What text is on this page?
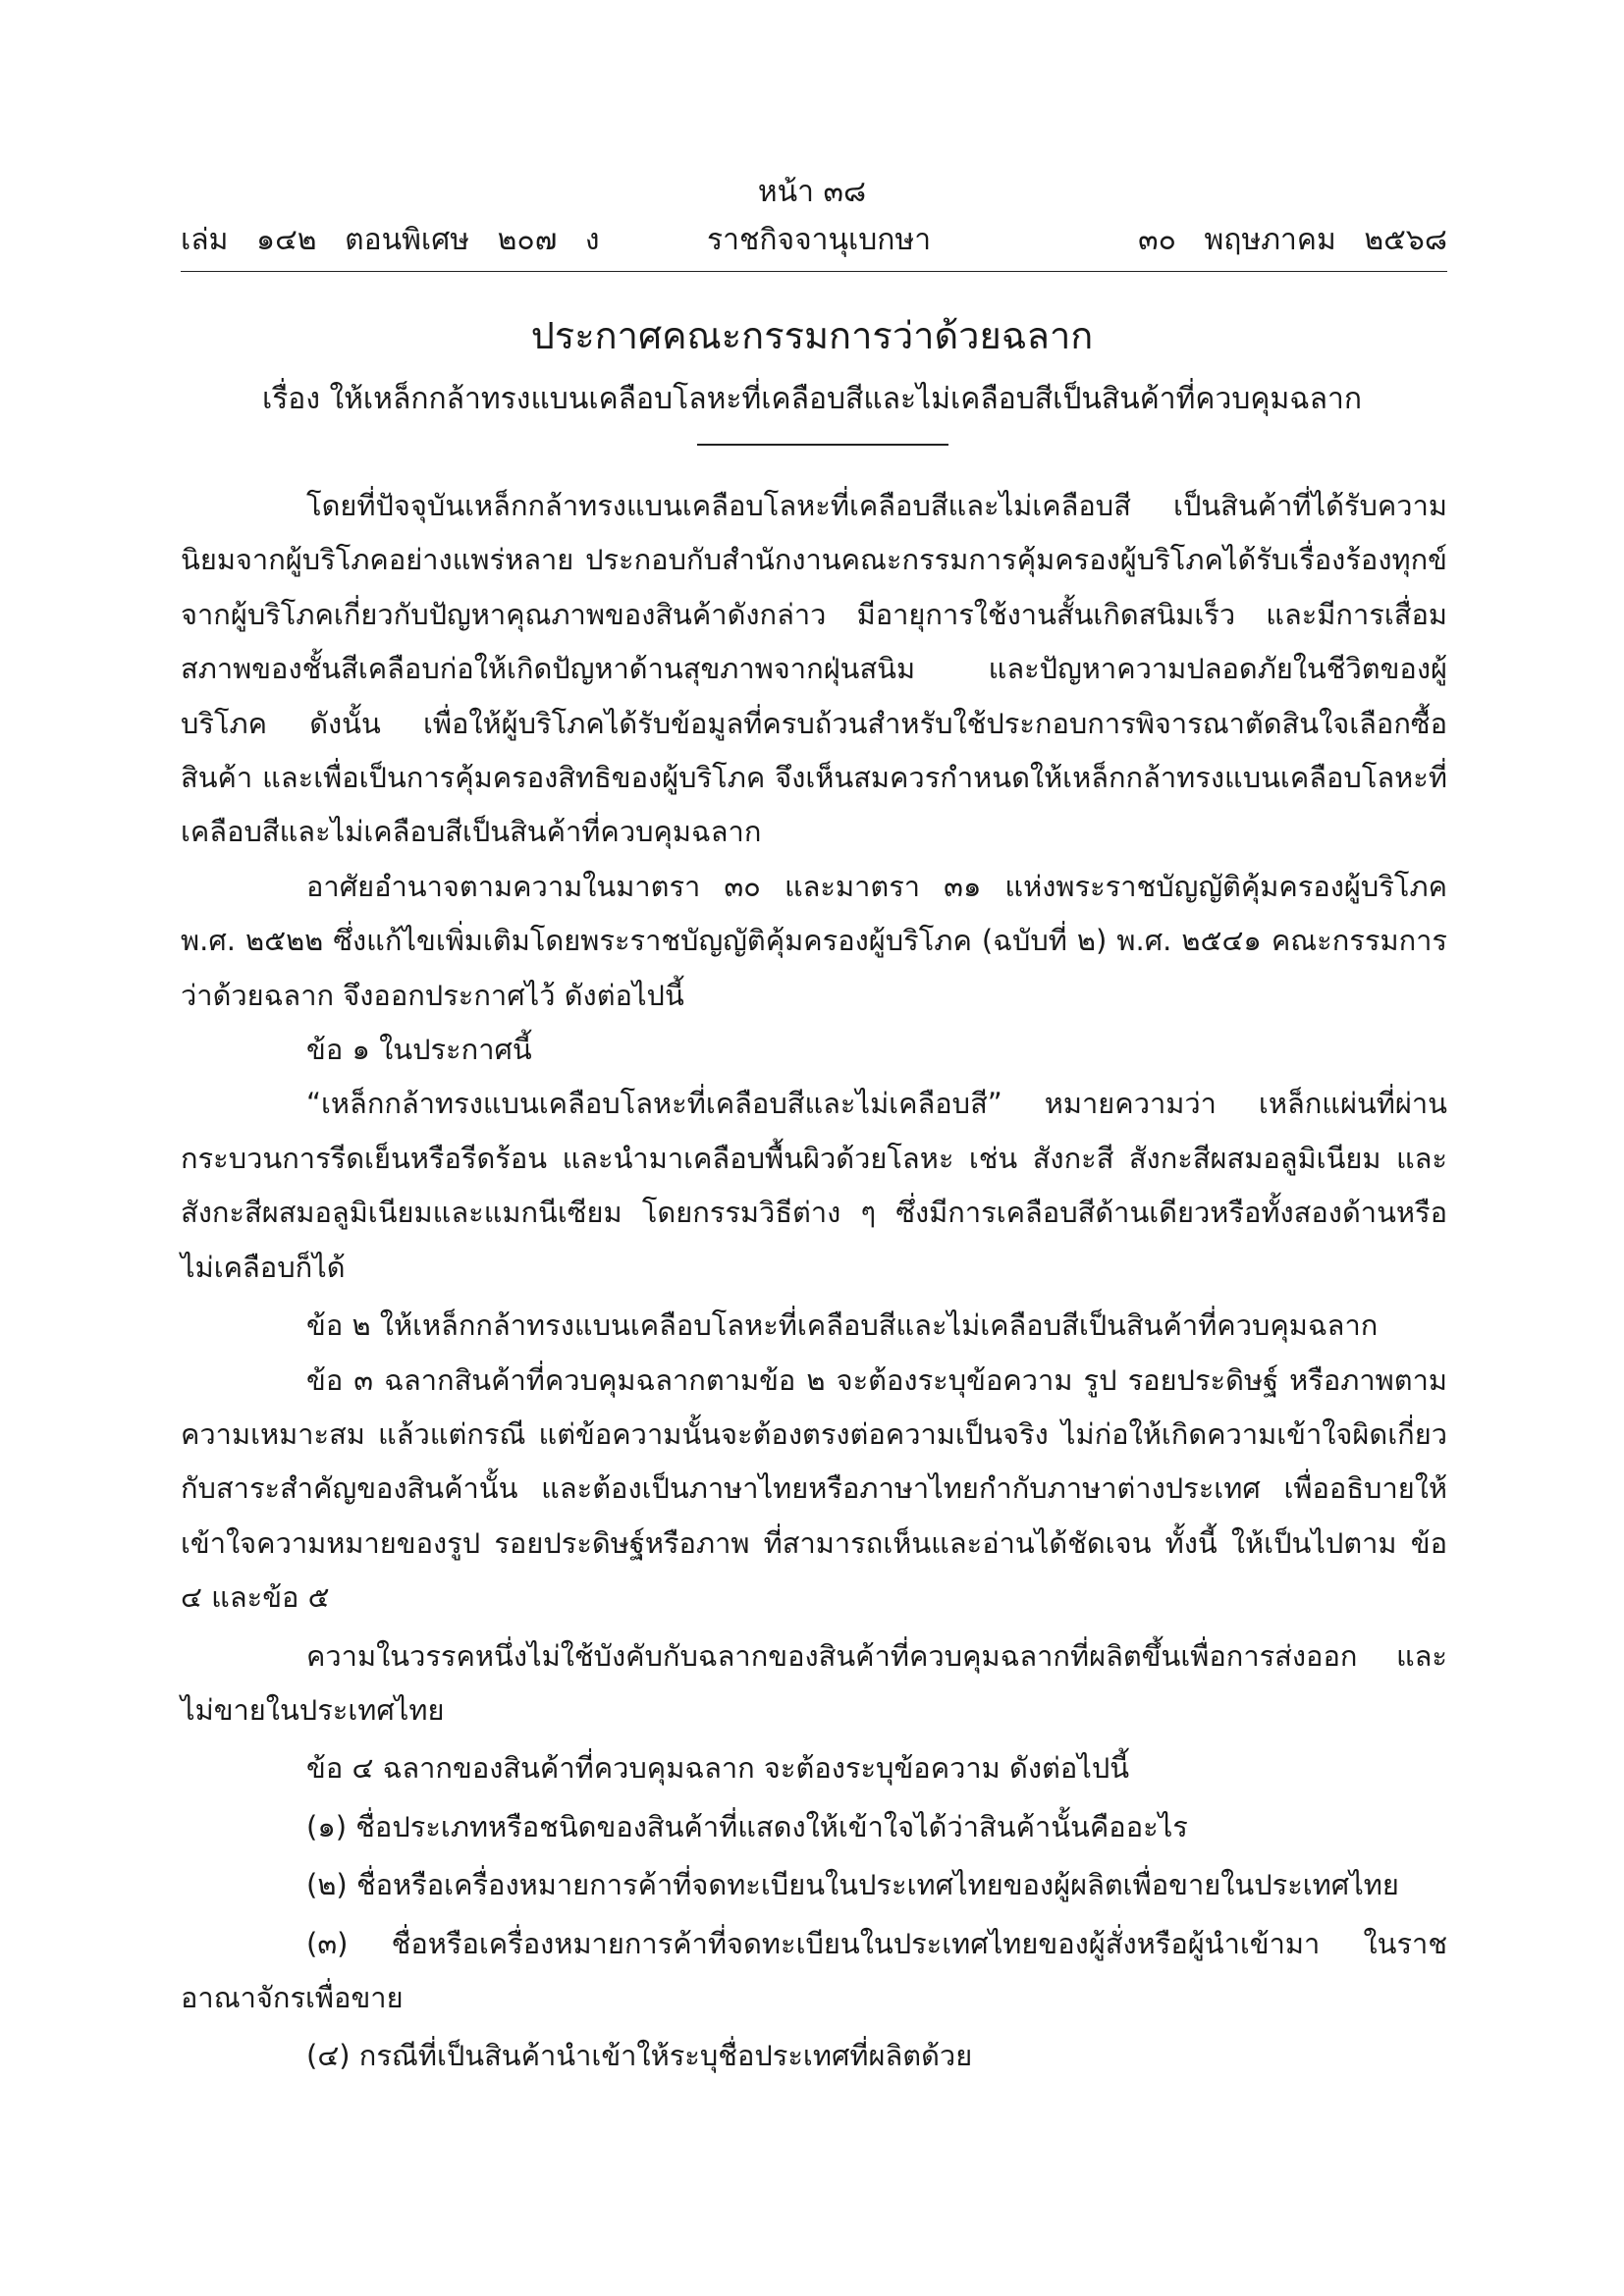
หน้า ๓๘
เล่ม   ๑๔๒   ตอนพิเศษ   ๒๐๗   ง	ราชกิจจานุเบกษา	๓๐   พฤษภาคม   ๒๕๖๘
ประกาศคณะกรรมการว่าด้วยฉลาก
เรื่อง ให้เหล็กกล้าทรงแบนเคลือบโลหะที่เคลือบสีและไม่เคลือบสีเป็นสินค้าที่ควบคุมฉลาก

โดยที่ปัจจุบันเหล็กกล้าทรงแบนเคลือบโลหะที่เคลือบสีและไม่เคลือบสี เป็นสินค้าที่ได้รับความนิยมจากผู้บริโภคอย่างแพร่หลาย ประกอบกับสำนักงานคณะกรรมการคุ้มครองผู้บริโภคได้รับเรื่องร้องทุกข์จากผู้บริโภคเกี่ยวกับปัญหาคุณภาพของสินค้าดังกล่าว มีอายุการใช้งานสั้นเกิดสนิมเร็ว และมีการเสื่อมสภาพของชั้นสีเคลือบก่อให้เกิดปัญหาด้านสุขภาพจากฝุ่นสนิม และปัญหาความปลอดภัยในชีวิตของผู้บริโภค ดังนั้น เพื่อให้ผู้บริโภคได้รับข้อมูลที่ครบถ้วนสำหรับใช้ประกอบการพิจารณาตัดสินใจเลือกซื้อสินค้า และเพื่อเป็นการคุ้มครองสิทธิของผู้บริโภค จึงเห็นสมควรกำหนดให้เหล็กกล้าทรงแบนเคลือบโลหะที่เคลือบสีและไม่เคลือบสีเป็นสินค้าที่ควบคุมฉลาก

อาศัยอำนาจตามความในมาตรา ๓๐ และมาตรา ๓๑ แห่งพระราชบัญญัติคุ้มครองผู้บริโภค พ.ศ. ๒๕๒๒ ซึ่งแก้ไขเพิ่มเติมโดยพระราชบัญญัติคุ้มครองผู้บริโภค (ฉบับที่ ๒) พ.ศ. ๒๕๔๑ คณะกรรมการว่าด้วยฉลาก จึงออกประกาศไว้ ดังต่อไปนี้

ข้อ ๑ ในประกาศนี้

“เหล็กกล้าทรงแบนเคลือบโลหะที่เคลือบสีและไม่เคลือบสี” หมายความว่า เหล็กแผ่นที่ผ่านกระบวนการรีดเย็นหรือรีดร้อน และนำมาเคลือบพื้นผิวด้วยโลหะ เช่น สังกะสี สังกะสีผสมอลูมิเนียม และสังกะสีผสมอลูมิเนียมและแมกนีเซียม โดยกรรมวิธีต่าง ๆ ซึ่งมีการเคลือบสีด้านเดียวหรือทั้งสองด้านหรือไม่เคลือบก็ได้

ข้อ ๒ ให้เหล็กกล้าทรงแบนเคลือบโลหะที่เคลือบสีและไม่เคลือบสีเป็นสินค้าที่ควบคุมฉลาก

ข้อ ๓ ฉลากสินค้าที่ควบคุมฉลากตามข้อ ๒ จะต้องระบุข้อความ รูป รอยประดิษฐ์ หรือภาพตามความเหมาะสม แล้วแต่กรณี แต่ข้อความนั้นจะต้องตรงต่อความเป็นจริง ไม่ก่อให้เกิดความเข้าใจผิดเกี่ยวกับสาระสำคัญของสินค้านั้น และต้องเป็นภาษาไทยหรือภาษาไทยกำกับภาษาต่างประเทศ เพื่ออธิบายให้เข้าใจความหมายของรูป รอยประดิษฐ์หรือภาพ ที่สามารถเห็นและอ่านได้ชัดเจน ทั้งนี้ ให้เป็นไปตาม ข้อ ๔ และข้อ ๕

ความในวรรคหนึ่งไม่ใช้บังคับกับฉลากของสินค้าที่ควบคุมฉลากที่ผลิตขึ้นเพื่อการส่งออก และไม่ขายในประเทศไทย

ข้อ ๔ ฉลากของสินค้าที่ควบคุมฉลาก จะต้องระบุข้อความ ดังต่อไปนี้

(๑) ชื่อประเภทหรือชนิดของสินค้าที่แสดงให้เข้าใจได้ว่าสินค้านั้นคืออะไร

(๒) ชื่อหรือเครื่องหมายการค้าที่จดทะเบียนในประเทศไทยของผู้ผลิตเพื่อขายในประเทศไทย

(๓) ชื่อหรือเครื่องหมายการค้าที่จดทะเบียนในประเทศไทยของผู้สั่งหรือผู้นำเข้ามา ในราชอาณาจักรเพื่อขาย

(๔) กรณีที่เป็นสินค้านำเข้าให้ระบุชื่อประเทศที่ผลิตด้วย
